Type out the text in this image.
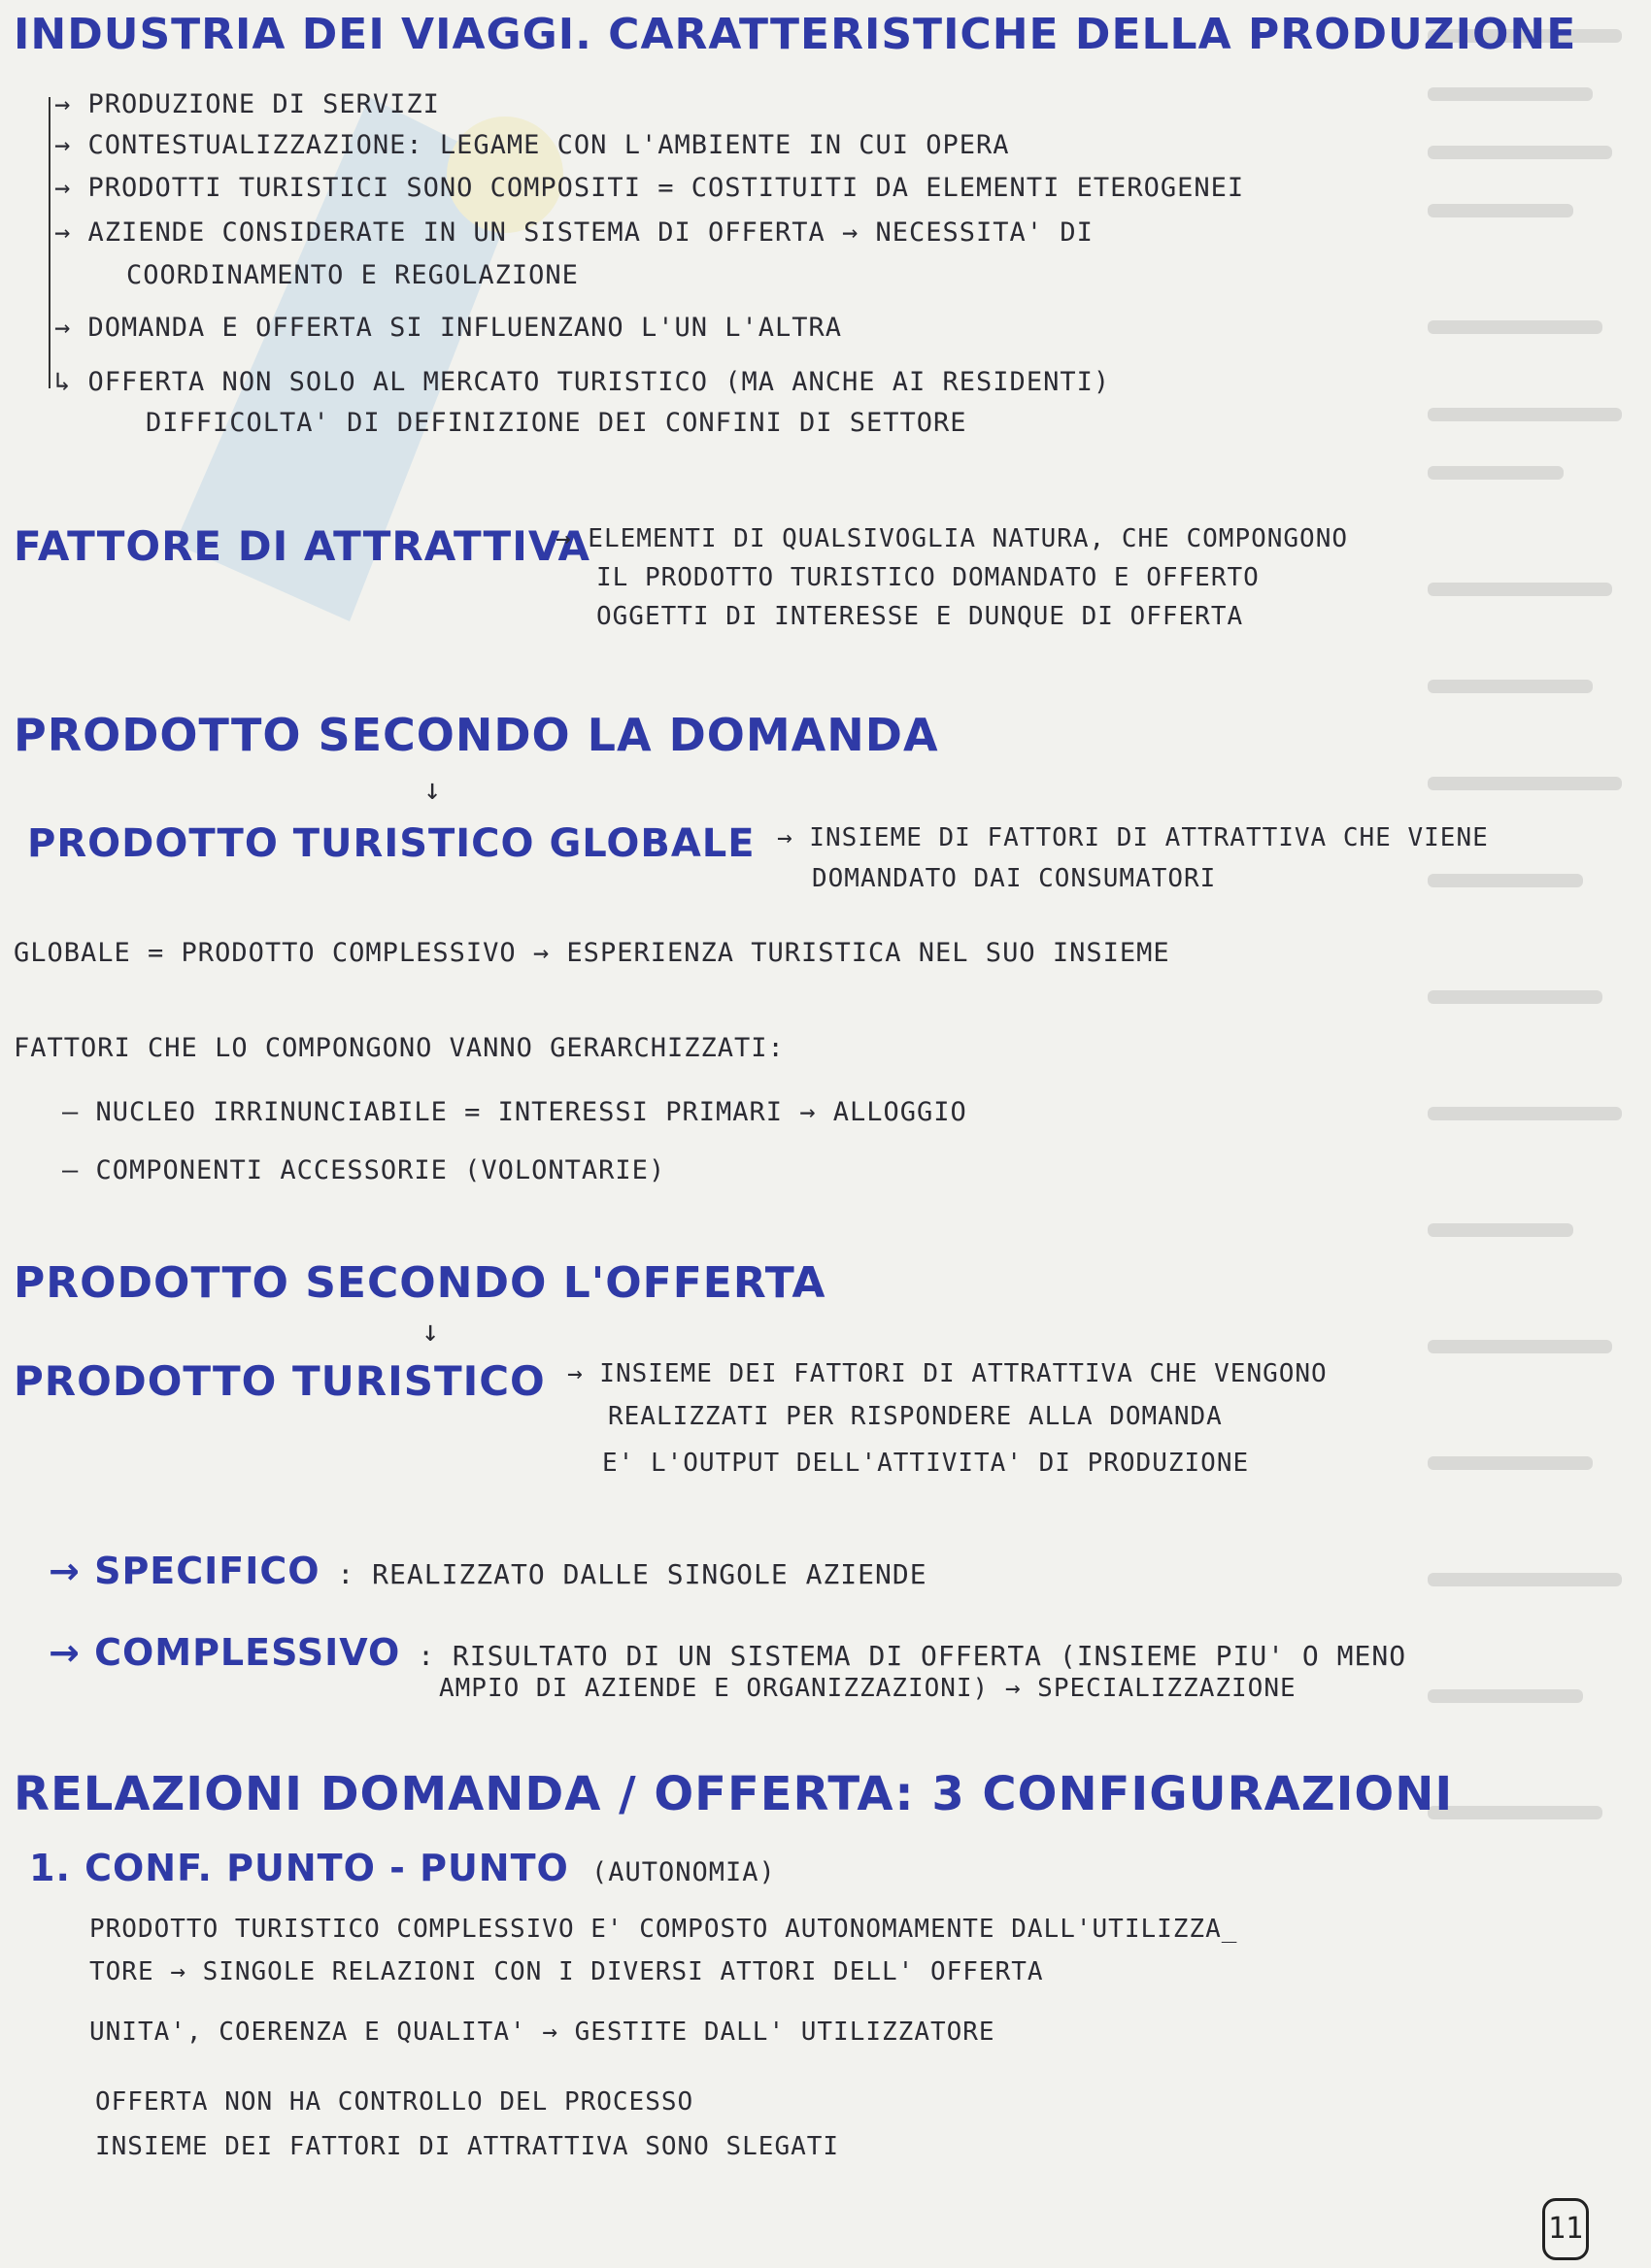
INDUSTRIA DEI VIAGGI. CARATTERISTICHE DELLA PRODUZIONE
→ PRODUZIONE DI SERVIZI
→ CONTESTUALIZZAZIONE: LEGAME CON L'AMBIENTE IN CUI OPERA
→ PRODOTTI TURISTICI SONO COMPOSITI = COSTITUITI DA ELEMENTI ETEROGENEI
→ AZIENDE CONSIDERATE IN UN SISTEMA DI OFFERTA → NECESSITA' DI
COORDINAMENTO E REGOLAZIONE
→ DOMANDA E OFFERTA SI INFLUENZANO L'UN L'ALTRA
↳ OFFERTA NON SOLO AL MERCATO TURISTICO (MA ANCHE AI RESIDENTI)
DIFFICOLTA' DI DEFINIZIONE DEI CONFINI DI SETTORE
FATTORE DI ATTRATTIVA
→ ELEMENTI DI QUALSIVOGLIA NATURA, CHE COMPONGONO
IL PRODOTTO TURISTICO DOMANDATO E OFFERTO
OGGETTI DI INTERESSE E DUNQUE DI OFFERTA
PRODOTTO SECONDO LA DOMANDA
↓
PRODOTTO TURISTICO GLOBALE → INSIEME DI FATTORI DI ATTRATTIVA CHE VIENE
DOMANDATO DAI CONSUMATORI
GLOBALE = PRODOTTO COMPLESSIVO → ESPERIENZA TURISTICA NEL SUO INSIEME
FATTORI CHE LO COMPONGONO VANNO GERARCHIZZATI:
— NUCLEO IRRINUNCIABILE = INTERESSI PRIMARI → ALLOGGIO
— COMPONENTI ACCESSORIE (VOLONTARIE)
PRODOTTO SECONDO L'OFFERTA
↓
PRODOTTO TURISTICO → INSIEME DEI FATTORI DI ATTRATTIVA CHE VENGONO
REALIZZATI PER RISPONDERE ALLA DOMANDA
E' L'OUTPUT DELL'ATTIVITA' DI PRODUZIONE
→ SPECIFICO : REALIZZATO DALLE SINGOLE AZIENDE
→ COMPLESSIVO : RISULTATO DI UN SISTEMA DI OFFERTA (INSIEME PIU' O MENO
AMPIO DI AZIENDE E ORGANIZZAZIONI) → SPECIALIZZAZIONE
RELAZIONI DOMANDA / OFFERTA: 3 CONFIGURAZIONI
1. CONF. PUNTO - PUNTO (AUTONOMIA)
PRODOTTO TURISTICO COMPLESSIVO E' COMPOSTO AUTONOMAMENTE DALL'UTILIZZA_
TORE → SINGOLE RELAZIONI CON I DIVERSI ATTORI DELL' OFFERTA
UNITA', COERENZA E QUALITA' → GESTITE DALL' UTILIZZATORE
OFFERTA NON HA CONTROLLO DEL PROCESSO
INSIEME DEI FATTORI DI ATTRATTIVA SONO SLEGATI
11
